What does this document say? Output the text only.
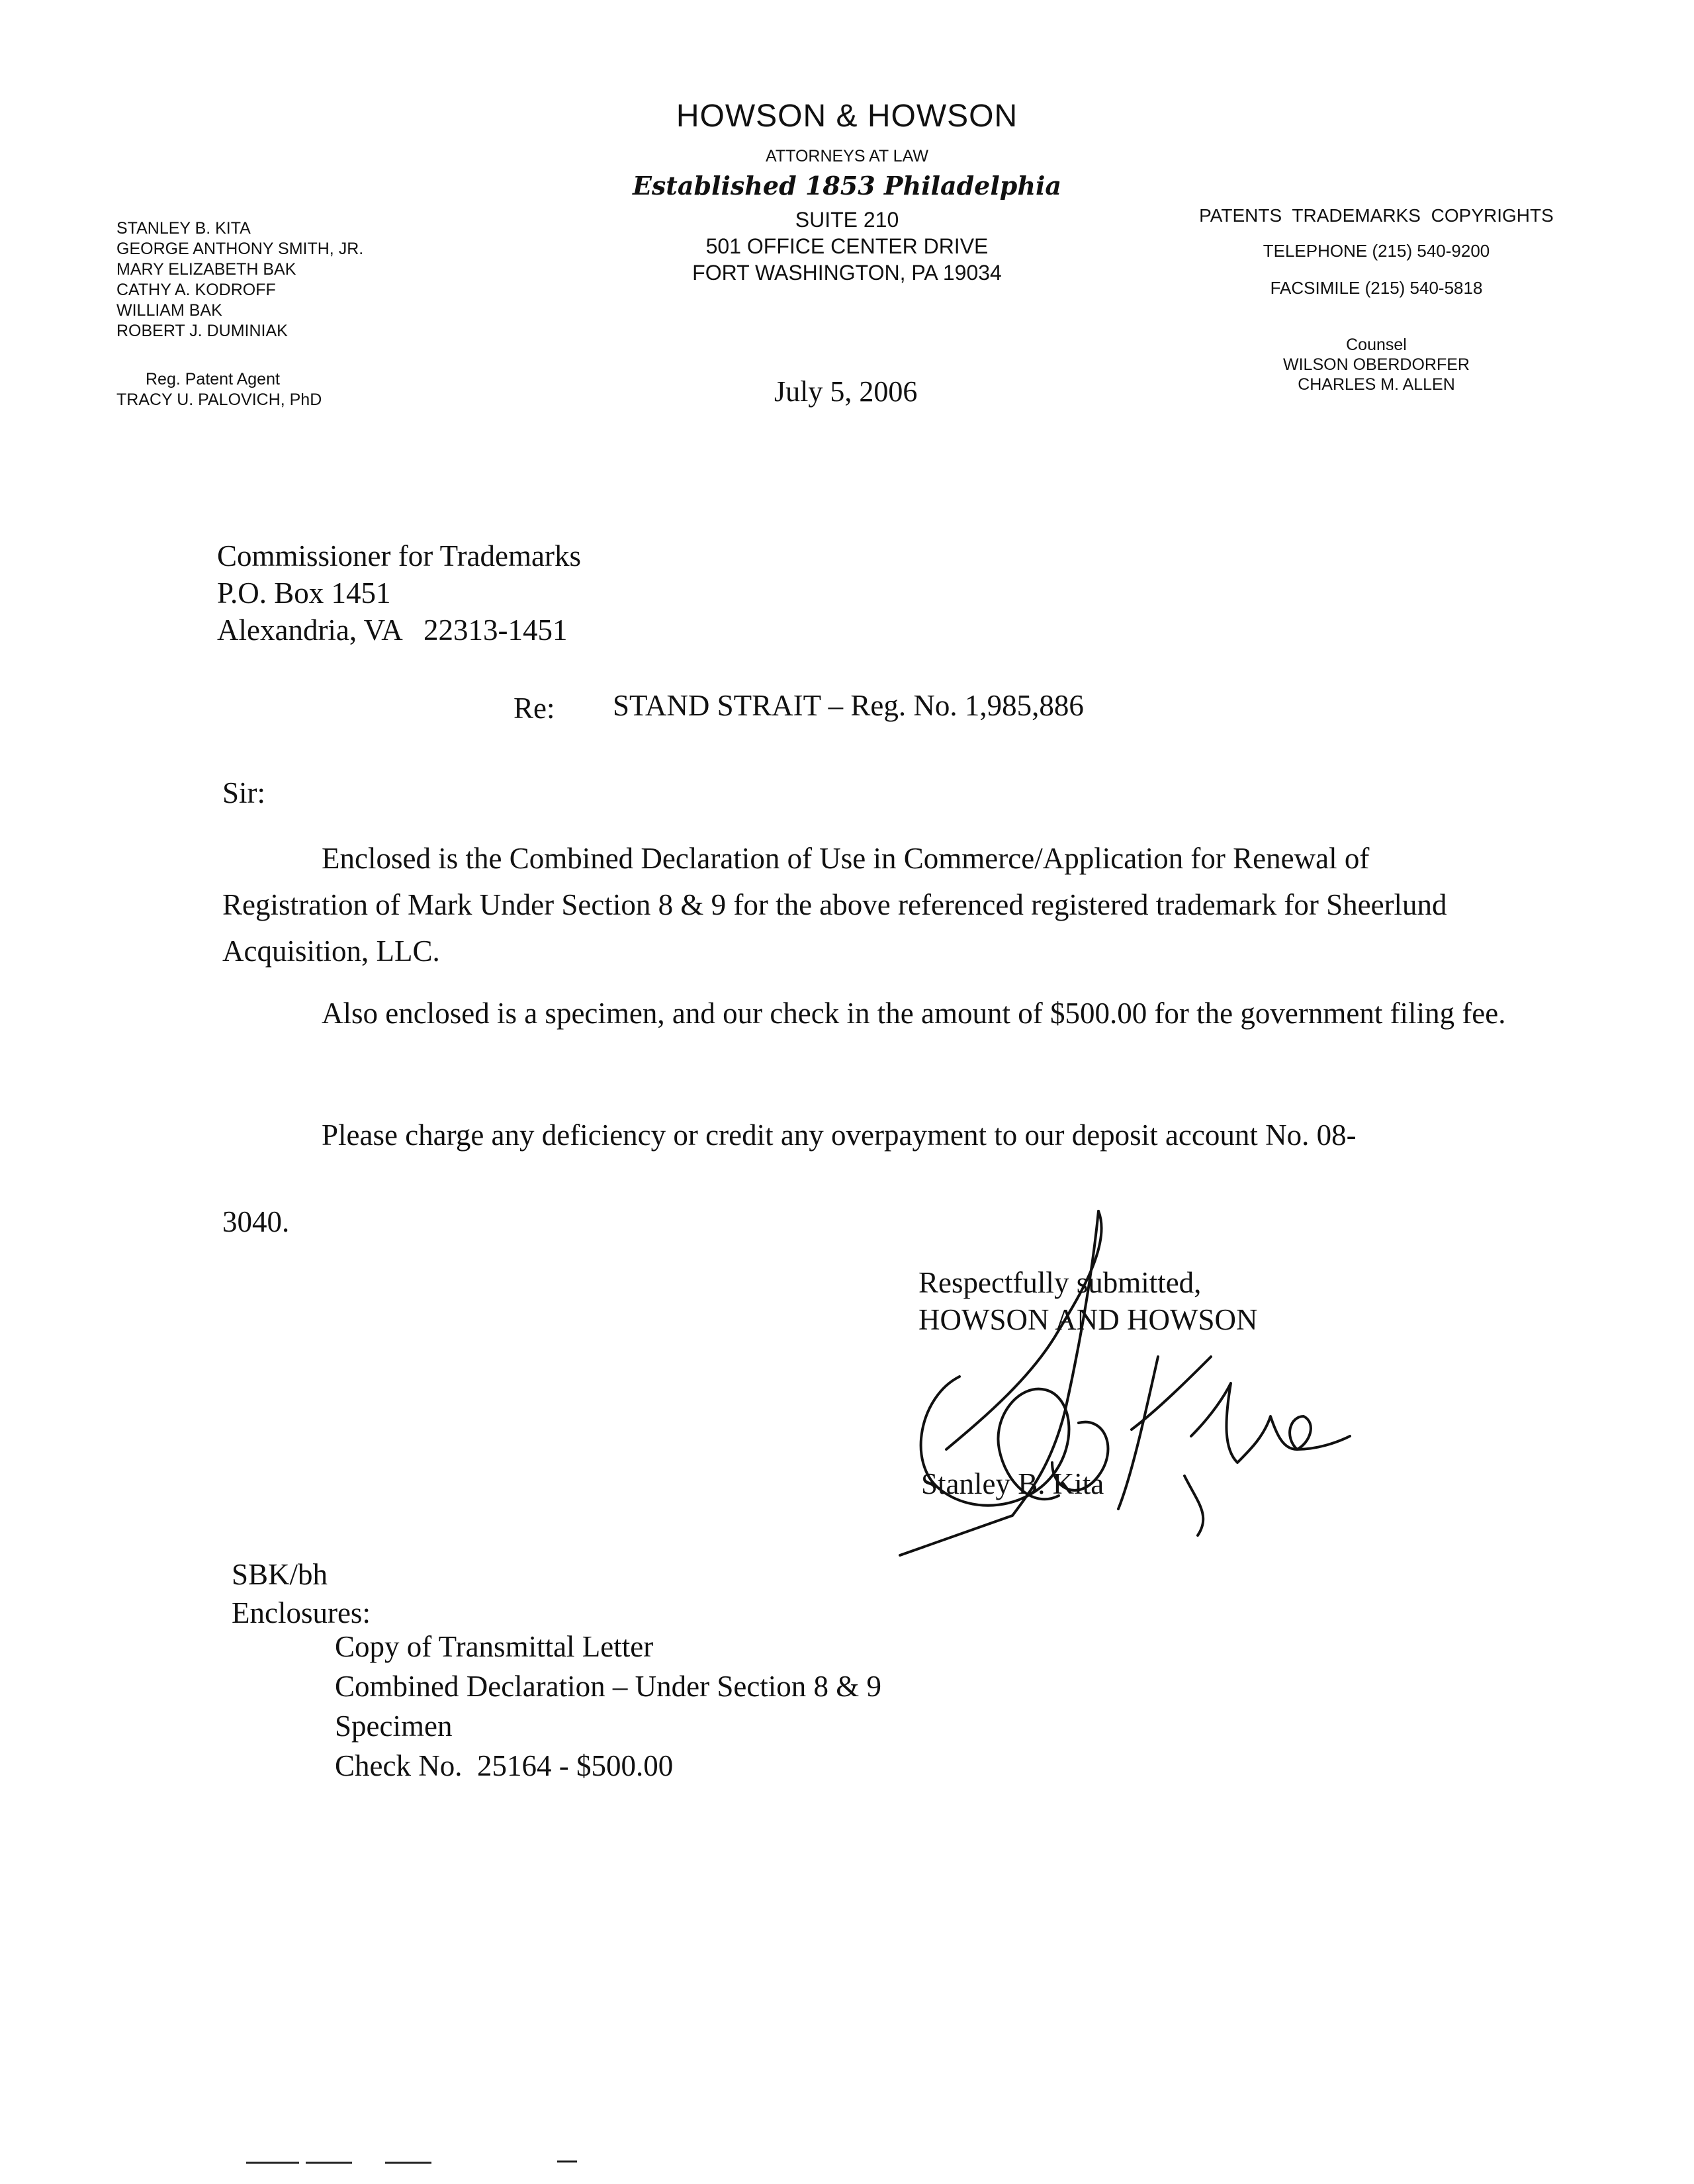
HOWSON & HOWSON
ATTORNEYS AT LAW
Established 1853 Philadelphia
SUITE 210
501 OFFICE CENTER DRIVE
FORT WASHINGTON, PA 19034
STANLEY B. KITA
GEORGE ANTHONY SMITH, JR.
MARY ELIZABETH BAK
CATHY A. KODROFF
WILLIAM BAK
ROBERT J. DUMINIAK
Reg. Patent Agent
TRACY U. PALOVICH, PhD
PATENTS TRADEMARKS COPYRIGHTS
TELEPHONE (215) 540-9200
FACSIMILE (215) 540-5818
Counsel
WILSON OBERDORFER
CHARLES M. ALLEN
July 5, 2006
Commissioner for Trademarks
P.O. Box 1451
Alexandria, VA   22313-1451
Re: STAND STRAIT – Reg. No. 1,985,886
Sir:
Enclosed is the Combined Declaration of Use in Commerce/Application for Renewal of Registration of Mark Under Section 8 & 9 for the above referenced registered trademark for Sheerlund Acquisition, LLC.
Also enclosed is a specimen, and our check in the amount of $500.00 for the government filing fee.
Please charge any deficiency or credit any overpayment to our deposit account No. 08-
3040.
Respectfully submitted,
HOWSON AND HOWSON
Stanley B. Kita
SBK/bh
Enclosures:
Copy of Transmittal Letter
Combined Declaration – Under Section 8 & 9
Specimen
Check No.  25164 - $500.00
